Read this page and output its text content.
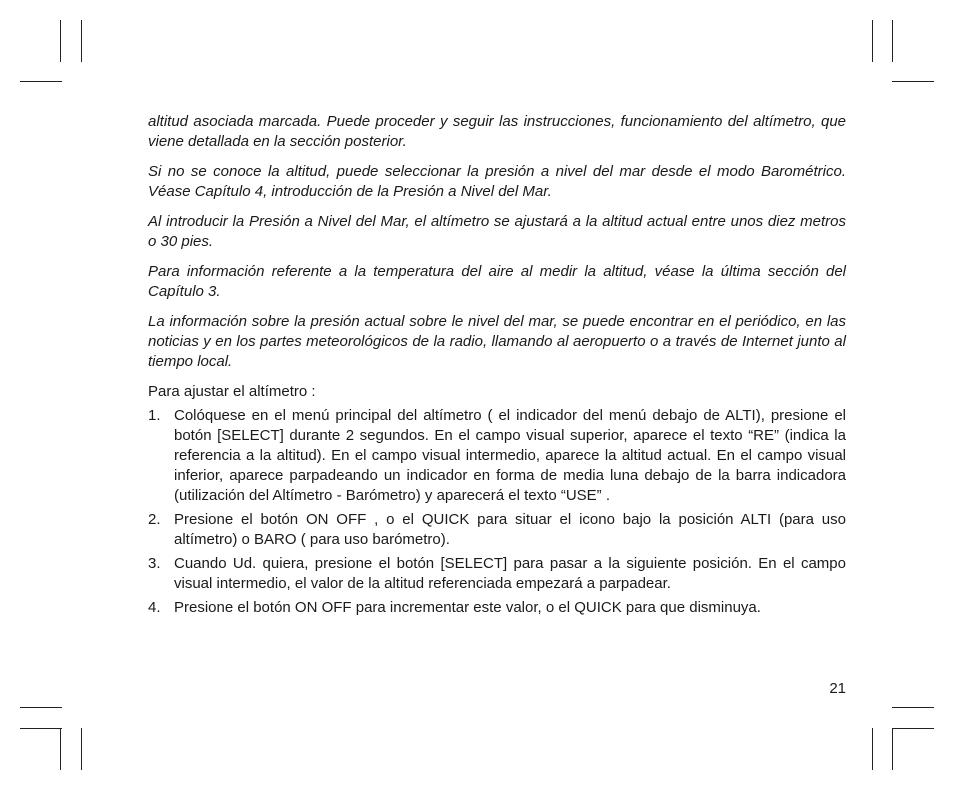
altitud asociada marcada. Puede proceder y seguir las instrucciones, funcionamiento del altímetro, que viene detallada en la sección posterior.

Si no se conoce la altitud, puede seleccionar la presión a nivel del mar desde el modo Barométrico. Véase Capítulo 4, introducción de la Presión a Nivel del Mar.

Al introducir la Presión a Nivel del Mar, el altímetro se ajustará a la altitud actual entre unos diez metros o 30 pies.

Para información referente a la temperatura del aire al medir la altitud, véase la última sección del Capítulo 3.

La información sobre la presión actual sobre le nivel del mar, se puede encontrar en el periódico, en las noticias y en los partes meteorológicos de la radio, llamando al aeropuerto o a través de Internet junto al tiempo local.

Para ajustar el altímetro :

1. Colóquese en el menú principal del altímetro ( el indicador del menú debajo de ALTI), presione el botón [SELECT] durante 2 segundos. En el campo visual superior, aparece el texto “RE” (indica la referencia a la altitud). En el campo visual intermedio, aparece la altitud actual. En el campo visual inferior, aparece parpadeando un indicador en forma de media luna debajo de la barra indicadora (utilización del Altímetro - Barómetro) y aparecerá el texto “USE” .
2. Presione el botón ON OFF , o el QUICK para situar el icono bajo la posición ALTI (para uso altímetro) o BARO ( para uso barómetro).
3. Cuando Ud. quiera, presione el botón [SELECT] para pasar a la siguiente posición. En el campo visual intermedio, el valor de la altitud referenciada empezará a parpadear.
4. Presione el botón ON OFF para incrementar este valor, o el QUICK para que disminuya.
21
